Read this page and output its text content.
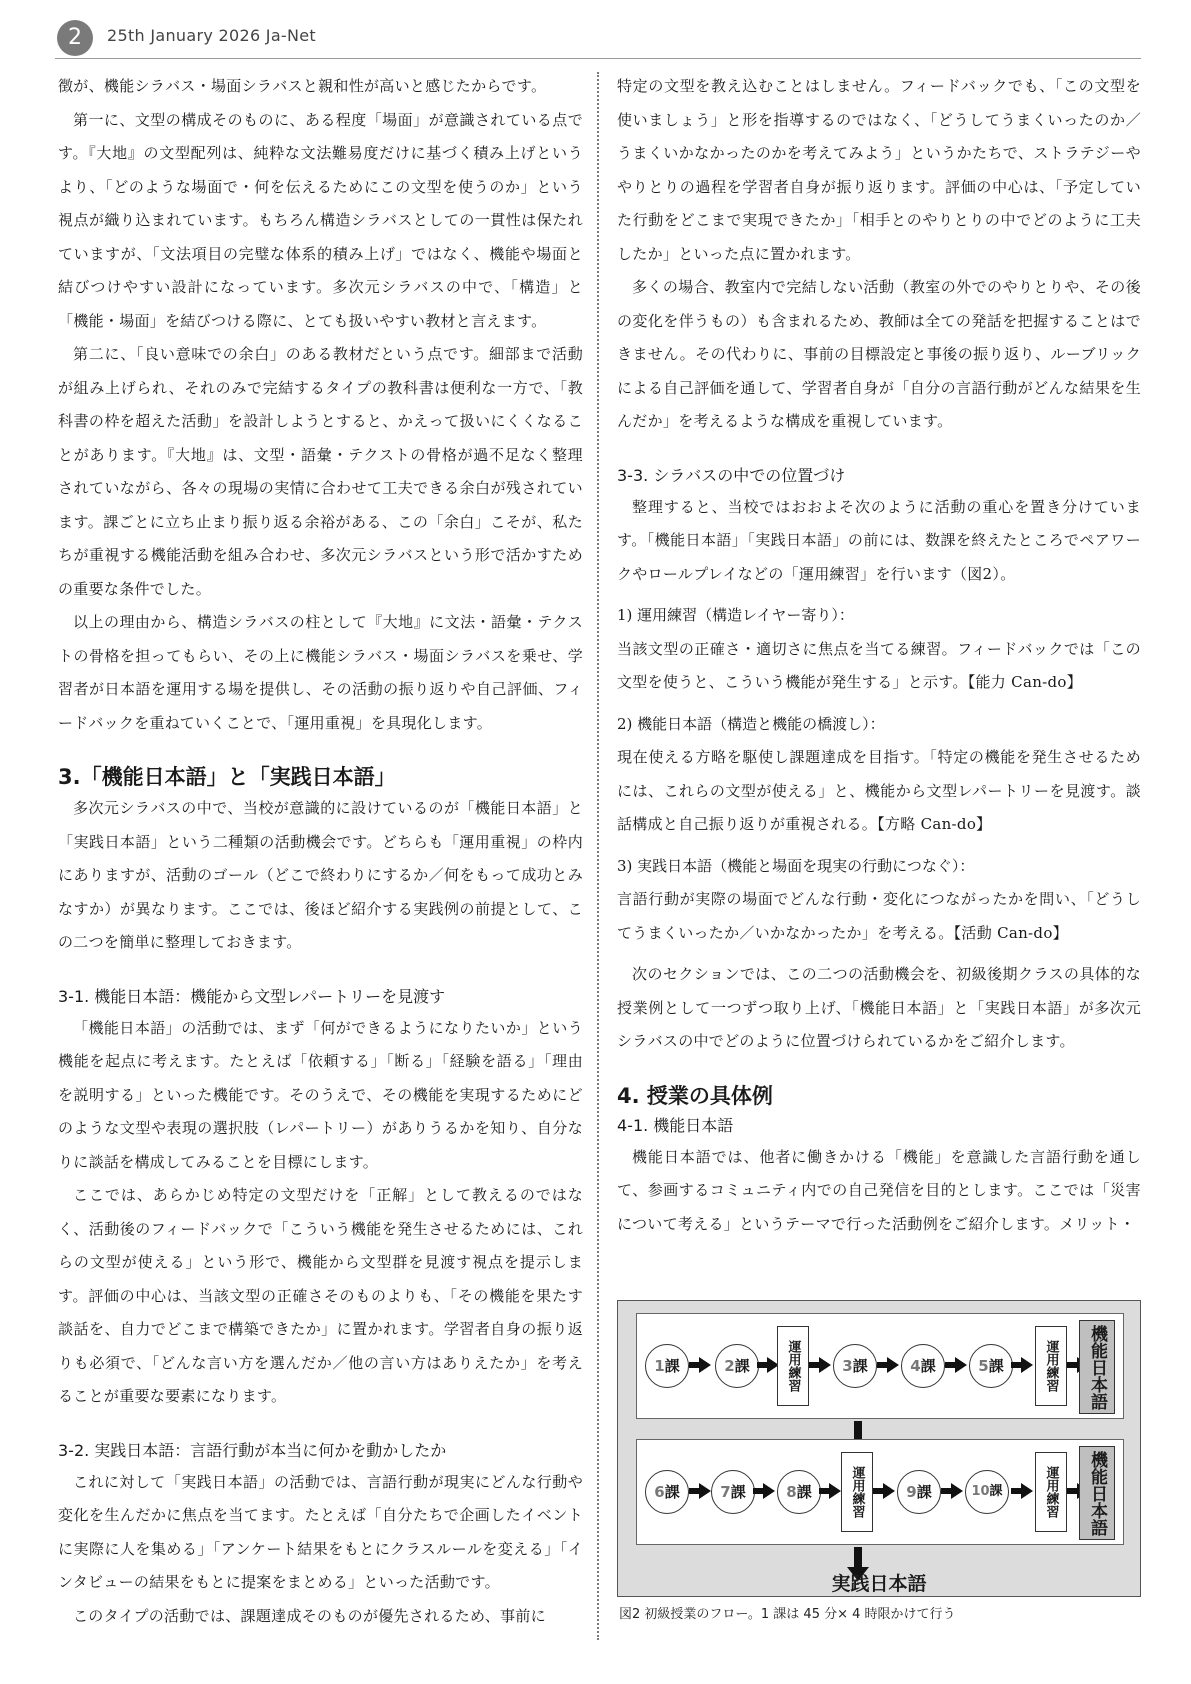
2	25th January 2026 Ja-Net

徴が、機能シラバス・場面シラバスと親和性が高いと感じたからです。

第一に、文型の構成そのものに、ある程度「場面」が意識されている点です。『大地』の文型配列は、純粋な文法難易度だけに基づく積み上げというより、「どのような場面で・何を伝えるためにこの文型を使うのか」という視点が織り込まれています。もちろん構造シラバスとしての一貫性は保たれていますが、「文法項目の完璧な体系的積み上げ」ではなく、機能や場面と結びつけやすい設計になっています。多次元シラバスの中で、「構造」と「機能・場面」を結びつける際に、とても扱いやすい教材と言えます。

第二に、「良い意味での余白」のある教材だという点です。細部まで活動が組み上げられ、それのみで完結するタイプの教科書は便利な一方で、「教科書の枠を超えた活動」を設計しようとすると、かえって扱いにくくなることがあります。『大地』は、文型・語彙・テクストの骨格が過不足なく整理されていながら、各々の現場の実情に合わせて工夫できる余白が残されています。課ごとに立ち止まり振り返る余裕がある、この「余白」こそが、私たちが重視する機能活動を組み合わせ、多次元シラバスという形で活かすための重要な条件でした。

以上の理由から、構造シラバスの柱として『大地』に文法・語彙・テクストの骨格を担ってもらい、その上に機能シラバス・場面シラバスを乗せ、学習者が日本語を運用する場を提供し、その活動の振り返りや自己評価、フィードバックを重ねていくことで、「運用重視」を具現化します。

3.「機能日本語」と「実践日本語」

多次元シラバスの中で、当校が意識的に設けているのが「機能日本語」と「実践日本語」という二種類の活動機会です。どちらも「運用重視」の枠内にありますが、活動のゴール（どこで終わりにするか／何をもって成功とみなすか）が異なります。ここでは、後ほど紹介する実践例の前提として、この二つを簡単に整理しておきます。

3-1. 機能日本語：機能から文型レパートリーを見渡す

「機能日本語」の活動では、まず「何ができるようになりたいか」という機能を起点に考えます。たとえば「依頼する」「断る」「経験を語る」「理由を説明する」といった機能です。そのうえで、その機能を実現するためにどのような文型や表現の選択肢（レパートリー）がありうるかを知り、自分なりに談話を構成してみることを目標にします。

ここでは、あらかじめ特定の文型だけを「正解」として教えるのではなく、活動後のフィードバックで「こういう機能を発生させるためには、これらの文型が使える」という形で、機能から文型群を見渡す視点を提示します。評価の中心は、当該文型の正確さそのものよりも、「その機能を果たす談話を、自力でどこまで構築できたか」に置かれます。学習者自身の振り返りも必須で、「どんな言い方を選んだか／他の言い方はありえたか」を考えることが重要な要素になります。

3-2. 実践日本語：言語行動が本当に何かを動かしたか

これに対して「実践日本語」の活動では、言語行動が現実にどんな行動や変化を生んだかに焦点を当てます。たとえば「自分たちで企画したイベントに実際に人を集める」「アンケート結果をもとにクラスルールを変える」「インタビューの結果をもとに提案をまとめる」といった活動です。

このタイプの活動では、課題達成そのものが優先されるため、事前に

特定の文型を教え込むことはしません。フィードバックでも、「この文型を使いましょう」と形を指導するのではなく、「どうしてうまくいったのか／うまくいかなかったのかを考えてみよう」というかたちで、ストラテジーややりとりの過程を学習者自身が振り返ります。評価の中心は、「予定していた行動をどこまで実現できたか」「相手とのやりとりの中でどのように工夫したか」といった点に置かれます。

多くの場合、教室内で完結しない活動（教室の外でのやりとりや、その後の変化を伴うもの）も含まれるため、教師は全ての発話を把握することはできません。その代わりに、事前の目標設定と事後の振り返り、ルーブリックによる自己評価を通して、学習者自身が「自分の言語行動がどんな結果を生んだか」を考えるような構成を重視しています。

3-3. シラバスの中での位置づけ

整理すると、当校ではおおよそ次のように活動の重心を置き分けています。「機能日本語」「実践日本語」の前には、数課を終えたところでペアワークやロールプレイなどの「運用練習」を行います（図2）。

1) 運用練習（構造レイヤー寄り）：

当該文型の正確さ・適切さに焦点を当てる練習。フィードバックでは「この文型を使うと、こういう機能が発生する」と示す。【能力 Can-do】

2) 機能日本語（構造と機能の橋渡し）：

現在使える方略を駆使し課題達成を目指す。「特定の機能を発生させるためには、これらの文型が使える」と、機能から文型レパートリーを見渡す。談話構成と自己振り返りが重視される。【方略 Can-do】

3) 実践日本語（機能と場面を現実の行動につなぐ）：

言語行動が実際の場面でどんな行動・変化につながったかを問い、「どうしてうまくいったか／いかなかったか」を考える。【活動 Can-do】

次のセクションでは、この二つの活動機会を、初級後期クラスの具体的な授業例として一つずつ取り上げ、「機能日本語」と「実践日本語」が多次元シラバスの中でどのように位置づけられているかをご紹介します。

4. 授業の具体例
4-1. 機能日本語

機能日本語では、他者に働きかける「機能」を意識した言語行動を通して、参画するコミュニティ内での自己発信を目的とします。ここでは「災害について考える」というテーマで行った活動例をご紹介します。メリット・

1課	2課	運用練習	3課	4課	5課	運用練習	機能日本語
6課	7課	8課	運用練習	9課	10課	運用練習	機能日本語
実践日本語
図2 初級授業のフロー。1 課は 45 分× 4 時限かけて行う
